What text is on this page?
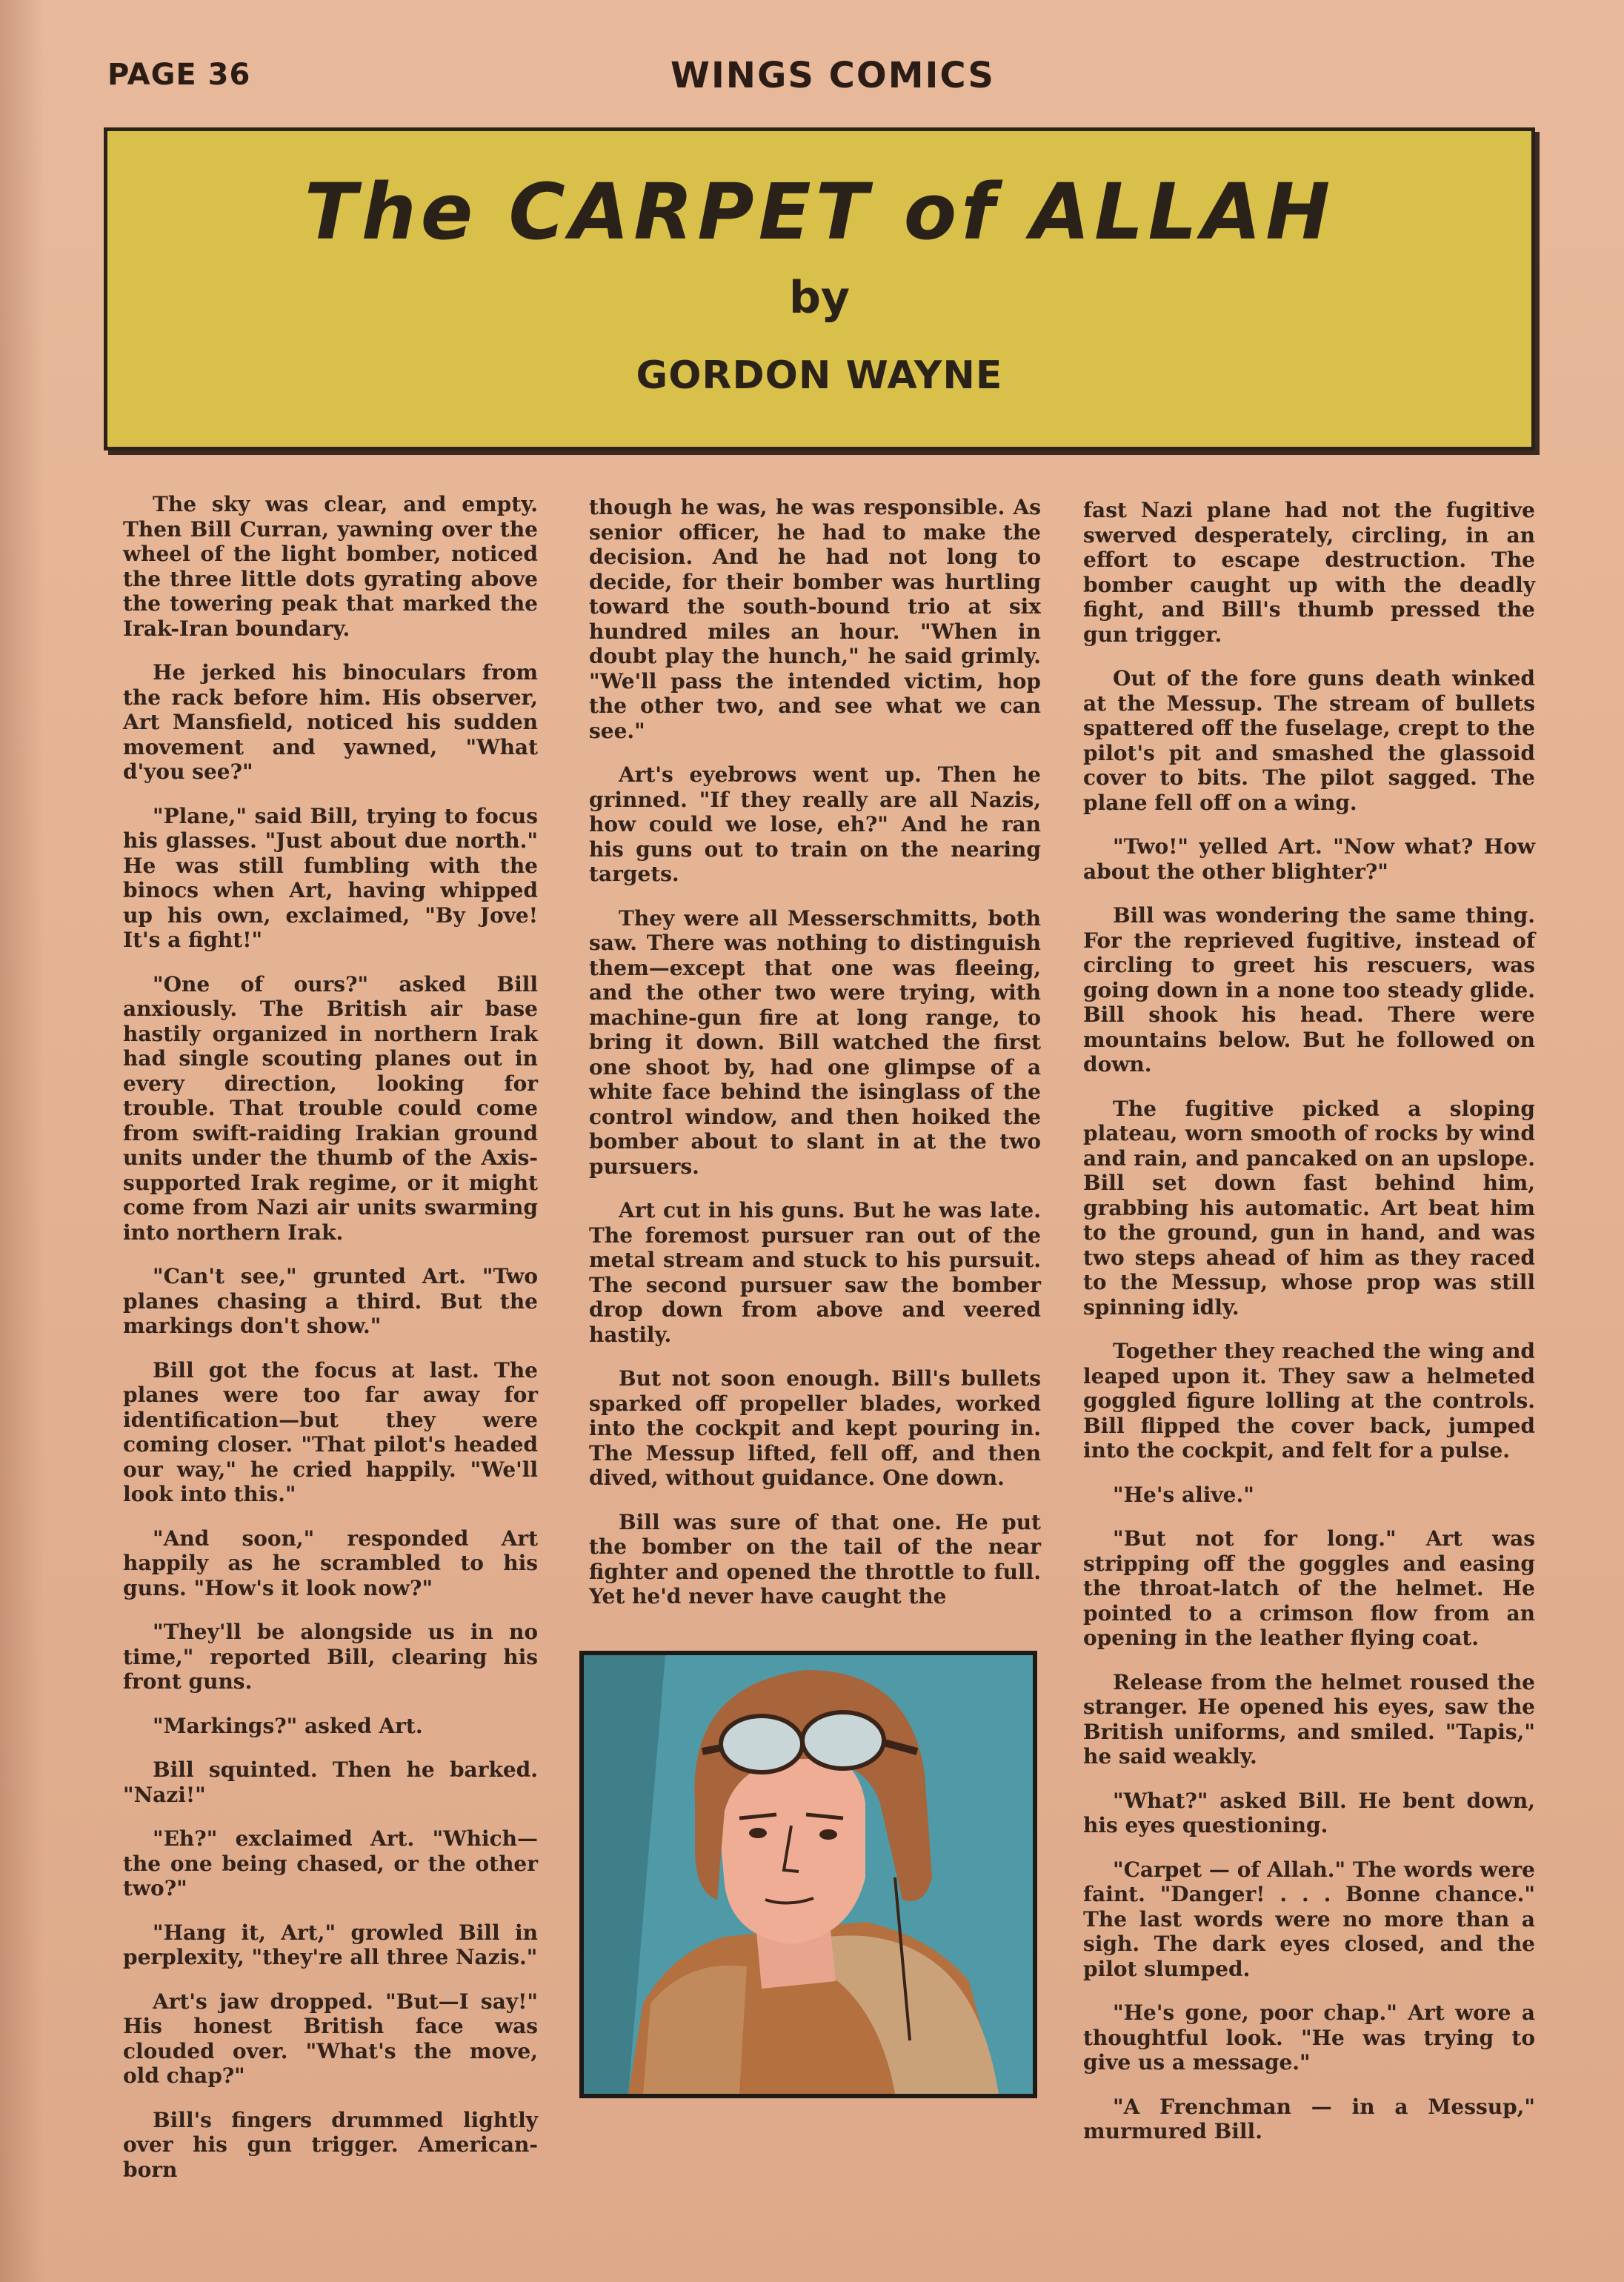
PAGE 36	WINGS COMICS
The CARPET of ALLAH
by
GORDON WAYNE

The sky was clear, and empty. Then Bill Curran, yawning over the wheel of the light bomber, noticed the three little dots gyrating above the towering peak that marked the Irak-Iran boundary.

He jerked his binoculars from the rack before him. His observer, Art Mansfield, noticed his sudden movement and yawned, "What d'you see?"

"Plane," said Bill, trying to focus his glasses. "Just about due north." He was still fumbling with the binocs when Art, having whipped up his own, exclaimed, "By Jove! It's a fight!"

"One of ours?" asked Bill anxiously. The British air base hastily organized in northern Irak had single scouting planes out in every direction, looking for trouble. That trouble could come from swift-raiding Irakian ground units under the thumb of the Axis-supported Irak regime, or it might come from Nazi air units swarming into northern Irak.

"Can't see," grunted Art. "Two planes chasing a third. But the markings don't show."

Bill got the focus at last. The planes were too far away for identification—but they were coming closer. "That pilot's headed our way," he cried happily. "We'll look into this."

"And soon," responded Art happily as he scrambled to his guns. "How's it look now?"

"They'll be alongside us in no time," reported Bill, clearing his front guns.

"Markings?" asked Art.

Bill squinted. Then he barked. "Nazi!"

"Eh?" exclaimed Art. "Which—the one being chased, or the other two?"

"Hang it, Art," growled Bill in perplexity, "they're all three Nazis."

Art's jaw dropped. "But—I say!" His honest British face was clouded over. "What's the move, old chap?"

Bill's fingers drummed lightly over his gun trigger. American-born

though he was, he was responsible. As senior officer, he had to make the decision. And he had not long to decide, for their bomber was hurtling toward the south-bound trio at six hundred miles an hour. "When in doubt play the hunch," he said grimly. "We'll pass the intended victim, hop the other two, and see what we can see."

Art's eyebrows went up. Then he grinned. "If they really are all Nazis, how could we lose, eh?" And he ran his guns out to train on the nearing targets.

They were all Messerschmitts, both saw. There was nothing to distinguish them—except that one was fleeing, and the other two were trying, with machine-gun fire at long range, to bring it down. Bill watched the first one shoot by, had one glimpse of a white face behind the isinglass of the control window, and then hoiked the bomber about to slant in at the two pursuers.

Art cut in his guns. But he was late. The foremost pursuer ran out of the metal stream and stuck to his pursuit. The second pursuer saw the bomber drop down from above and veered hastily.

But not soon enough. Bill's bullets sparked off propeller blades, worked into the cockpit and kept pouring in. The Messup lifted, fell off, and then dived, without guidance. One down.

Bill was sure of that one. He put the bomber on the tail of the near fighter and opened the throttle to full. Yet he'd never have caught the

fast Nazi plane had not the fugitive swerved desperately, circling, in an effort to escape destruction. The bomber caught up with the deadly fight, and Bill's thumb pressed the gun trigger.

Out of the fore guns death winked at the Messup. The stream of bullets spattered off the fuselage, crept to the pilot's pit and smashed the glassoid cover to bits. The pilot sagged. The plane fell off on a wing.

"Two!" yelled Art. "Now what? How about the other blighter?"

Bill was wondering the same thing. For the reprieved fugitive, instead of circling to greet his rescuers, was going down in a none too steady glide. Bill shook his head. There were mountains below. But he followed on down.

The fugitive picked a sloping plateau, worn smooth of rocks by wind and rain, and pancaked on an upslope. Bill set down fast behind him, grabbing his automatic. Art beat him to the ground, gun in hand, and was two steps ahead of him as they raced to the Messup, whose prop was still spinning idly.

Together they reached the wing and leaped upon it. They saw a helmeted goggled figure lolling at the controls. Bill flipped the cover back, jumped into the cockpit, and felt for a pulse.

"He's alive."

"But not for long." Art was stripping off the goggles and easing the throat-latch of the helmet. He pointed to a crimson flow from an opening in the leather flying coat.

Release from the helmet roused the stranger. He opened his eyes, saw the British uniforms, and smiled. "Tapis," he said weakly.

"What?" asked Bill. He bent down, his eyes questioning.

"Carpet — of Allah." The words were faint. "Danger! . . . Bonne chance." The last words were no more than a sigh. The dark eyes closed, and the pilot slumped.

"He's gone, poor chap." Art wore a thoughtful look. "He was trying to give us a message."

"A Frenchman — in a Messup," murmured Bill.
